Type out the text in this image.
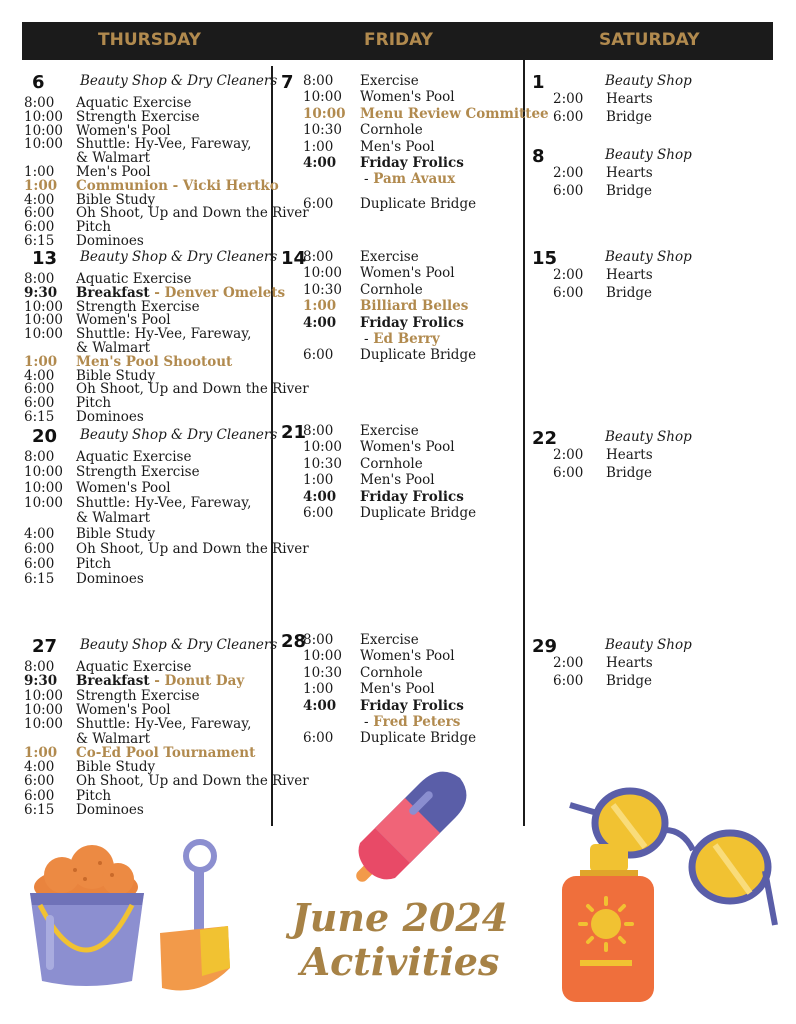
THURSDAY	FRIDAY	SATURDAY
6	Beauty Shop & Dry Cleaners
8:00 Aquatic Exercise
10:00 Strength Exercise
10:00 Women's Pool
10:00 Shuttle: Hy-Vee, Fareway,
& Walmart
1:00 Men's Pool
1:00 Communion - Vicki Hertko
4:00 Bible Study
6:00 Oh Shoot, Up and Down the River
6:00 Pitch
6:15 Dominoes
13 Beauty Shop & Dry Cleaners
8:00 Aquatic Exercise
9:30 Breakfast - Denver Omelets
10:00 Strength Exercise
10:00 Women's Pool
10:00 Shuttle: Hy-Vee, Fareway,
& Walmart
1:00 Men's Pool Shootout
4:00 Bible Study
6:00 Oh Shoot, Up and Down the River
6:00 Pitch
6:15 Dominoes
20 Beauty Shop & Dry Cleaners
8:00 Aquatic Exercise
10:00 Strength Exercise
10:00 Women's Pool
10:00 Shuttle: Hy-Vee, Fareway,
& Walmart
4:00 Bible Study
6:00 Oh Shoot, Up and Down the River
6:00 Pitch
6:15 Dominoes
27 Beauty Shop & Dry Cleaners
8:00 Aquatic Exercise
9:30 Breakfast - Donut Day
10:00 Strength Exercise
10:00 Women's Pool
10:00 Shuttle: Hy-Vee, Fareway,
& Walmart
1:00 Co-Ed Pool Tournament
4:00 Bible Study
6:00 Oh Shoot, Up and Down the River
6:00 Pitch
6:15 Dominoes
7 8:00 Exercise
10:00 Women's Pool
10:00 Menu Review Committee
10:30 Cornhole
1:00 Men's Pool
4:00 Friday Frolics
- Pam Avaux
6:00 Duplicate Bridge
14
8:00 Exercise
10:00 Women's Pool
10:30 Cornhole
1:00 Billiard Belles
4:00 Friday Frolics
- Ed Berry
6:00 Duplicate Bridge
21
8:00 Exercise
10:00 Women's Pool
10:30 Cornhole
1:00 Men's Pool
4:00 Friday Frolics
6:00 Duplicate Bridge
28
8:00 Exercise
10:00 Women's Pool
10:30 Cornhole
1:00 Men's Pool
4:00 Friday Frolics
- Fred Peters
6:00 Duplicate Bridge
1	Beauty Shop
2:00 Hearts
6:00 Bridge
8	Beauty Shop
2:00 Hearts
6:00 Bridge
15	Beauty Shop
2:00 Hearts
6:00 Bridge
22	Beauty Shop
2:00 Hearts
6:00 Bridge
29	Beauty Shop
2:00 Hearts
6:00 Bridge
June 2024
Activities
